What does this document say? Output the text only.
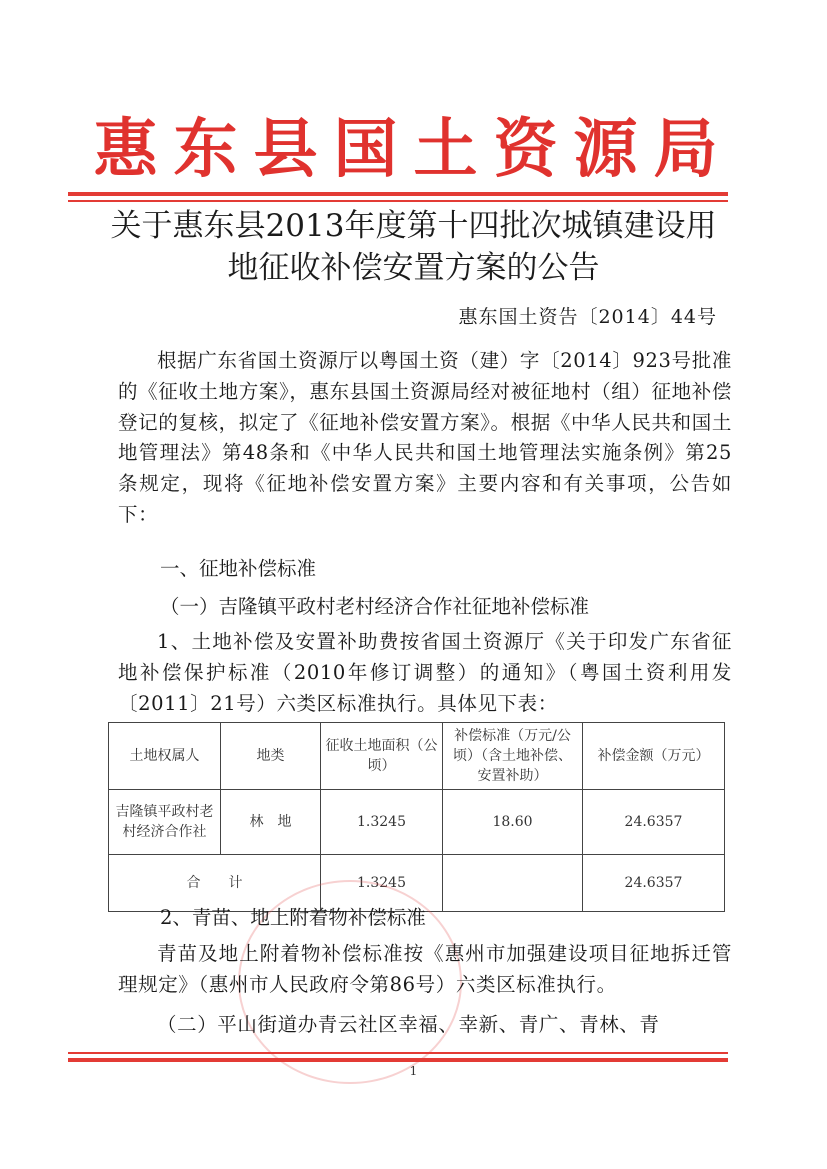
惠东县国土资源局
关于惠东县2013年度第十四批次城镇建设用
地征收补偿安置方案的公告
惠东国土资告〔2014〕44号
根据广东省国土资源厅以粤国土资（建）字〔2014〕923号批准的《征收土地方案》，惠东县国土资源局经对被征地村（组）征地补偿登记的复核，拟定了《征地补偿安置方案》。根据《中华人民共和国土地管理法》第48条和《中华人民共和国土地管理法实施条例》第25条规定，现将《征地补偿安置方案》主要内容和有关事项，公告如下：
一、征地补偿标准
（一）吉隆镇平政村老村经济合作社征地补偿标准
1、土地补偿及安置补助费按省国土资源厅《关于印发广东省征地补偿保护标准（2010年修订调整）的通知》（粤国土资利用发〔2011〕21号）六类区标准执行。具体见下表：
土地权属人	地类	征收土地面积（公顷）	补偿标准（万元/公顷）（含土地补偿、安置补助）	补偿金额（万元）
吉隆镇平政村老村经济合作社	林　地	1.3245	18.60	24.6357
合　　计		1.3245		24.6357
2、青苗、地上附着物补偿标准
青苗及地上附着物补偿标准按《惠州市加强建设项目征地拆迁管理规定》（惠州市人民政府令第86号）六类区标准执行。
（二）平山街道办青云社区幸福、幸新、青广、青林、青
1
